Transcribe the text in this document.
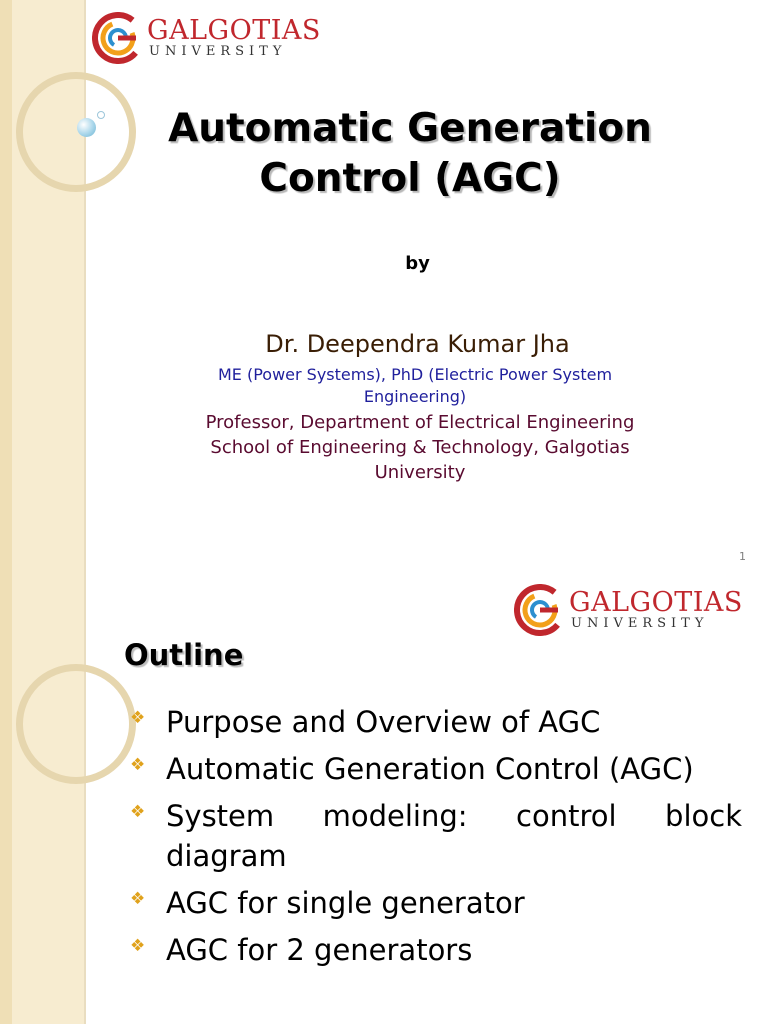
GALGOTIAS
UNIVERSITY
Automatic Generation
Control (AGC)
by
Dr. Deependra Kumar Jha
ME (Power Systems), PhD (Electric Power System
Engineering)
Professor, Department of Electrical Engineering
School of Engineering & Technology, Galgotias
University
1
GALGOTIAS
UNIVERSITY
Outline
❖ Purpose and Overview of AGC
❖ Automatic Generation Control (AGC)
❖ System modeling: control block diagram
❖ AGC for single generator
❖ AGC for 2 generators
